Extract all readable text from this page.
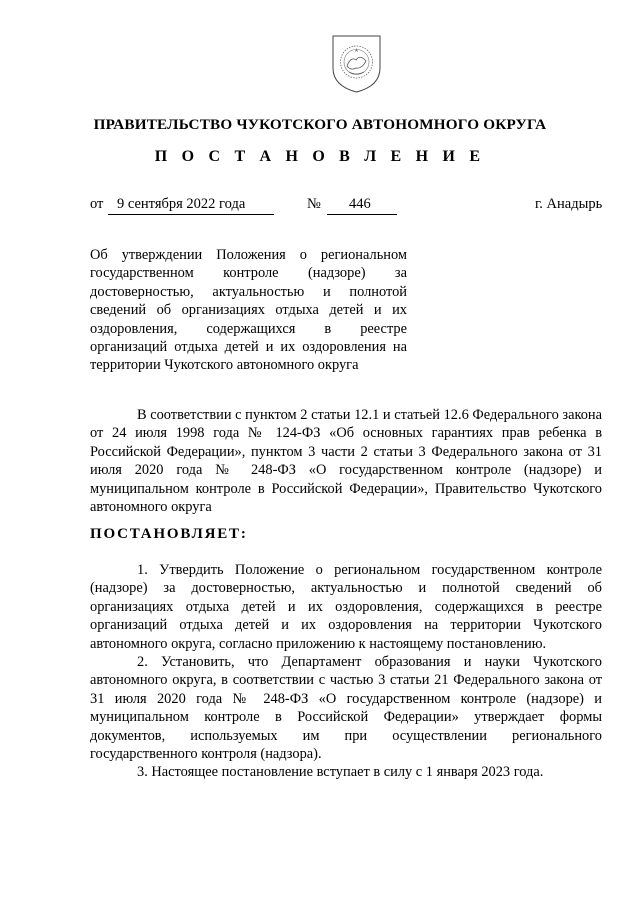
ПРАВИТЕЛЬСТВО ЧУКОТСКОГО АВТОНОМНОГО ОКРУГА
П О С Т А Н О В Л Е Н И Е
от 9 сентября 2022 года	№ 446	г. Анадырь
Об утверждении Положения о региональном государственном контроле (надзоре) за достоверностью, актуальностью и полнотой сведений об организациях отдыха детей и их оздоровления, содержащихся в реестре организаций отдыха детей и их оздоровления на территории Чукотского автономного округа

В соответствии с пунктом 2 статьи 12.1 и статьей 12.6 Федерального закона от 24 июля 1998 года № 124-ФЗ «Об основных гарантиях прав ребенка в Российской Федерации», пунктом 3 части 2 статьи 3 Федерального закона от 31 июля 2020 года № 248-ФЗ «О государственном контроле (надзоре) и муниципальном контроле в Российской Федерации», Правительство Чукотского автономного округа

ПОСТАНОВЛЯЕТ:

1. Утвердить Положение о региональном государственном контроле (надзоре) за достоверностью, актуальностью и полнотой сведений об организациях отдыха детей и их оздоровления, содержащихся в реестре организаций отдыха детей и их оздоровления на территории Чукотского автономного округа, согласно приложению к настоящему постановлению.

2. Установить, что Департамент образования и науки Чукотского автономного округа, в соответствии с частью 3 статьи 21 Федерального закона от 31 июля 2020 года № 248-ФЗ «О государственном контроле (надзоре) и муниципальном контроле в Российской Федерации» утверждает формы документов, используемых им при осуществлении регионального государственного контроля (надзора).

3. Настоящее постановление вступает в силу с 1 января 2023 года.
